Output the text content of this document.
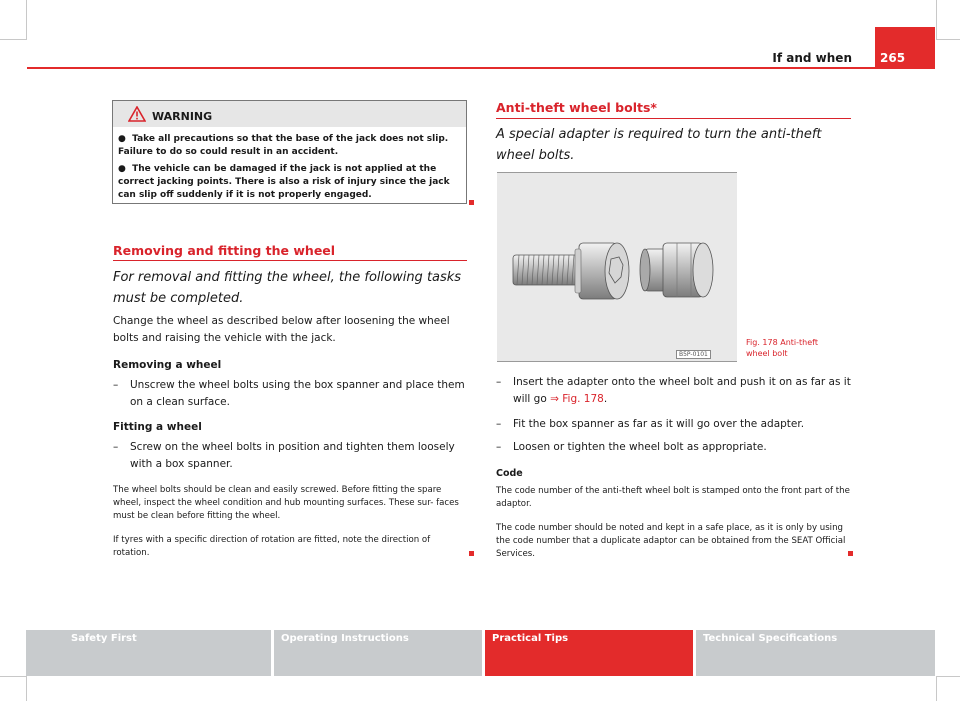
265
If and when
WARNING
●  Take all precautions so that the base of the jack does not slip. Failure to do so could result in an accident.
●  The vehicle can be damaged if the jack is not applied at the correct jacking points. There is also a risk of injury since the jack can slip off suddenly if it is not properly engaged.
Removing and fitting the wheel
For removal and fitting the wheel, the following tasks must be completed.
Change the wheel as described below after loosening the wheel bolts and raising the vehicle with the jack.
Removing a wheel
– Unscrew the wheel bolts using the box spanner and place them on a clean surface.
Fitting a wheel
– Screw on the wheel bolts in position and tighten them loosely with a box spanner.
The wheel bolts should be clean and easily screwed. Before fitting the spare wheel, inspect the wheel condition and hub mounting surfaces. These sur- faces must be clean before fitting the wheel.
If tyres with a specific direction of rotation are fitted, note the direction of rotation.
Anti-theft wheel bolts*
A special adapter is required to turn the anti-theft wheel bolts.
B5P-0101
Fig. 178 Anti-theft wheel bolt
– Insert the adapter onto the wheel bolt and push it on as far as it will go ⇒ Fig. 178.
– Fit the box spanner as far as it will go over the adapter.
– Loosen or tighten the wheel bolt as appropriate.
Code
The code number of the anti-theft wheel bolt is stamped onto the front part of the adaptor.
The code number should be noted and kept in a safe place, as it is only by using the code number that a duplicate adaptor can be obtained from the SEAT Official Services.
Safety First	Operating Instructions	Practical Tips	Technical Specifications
